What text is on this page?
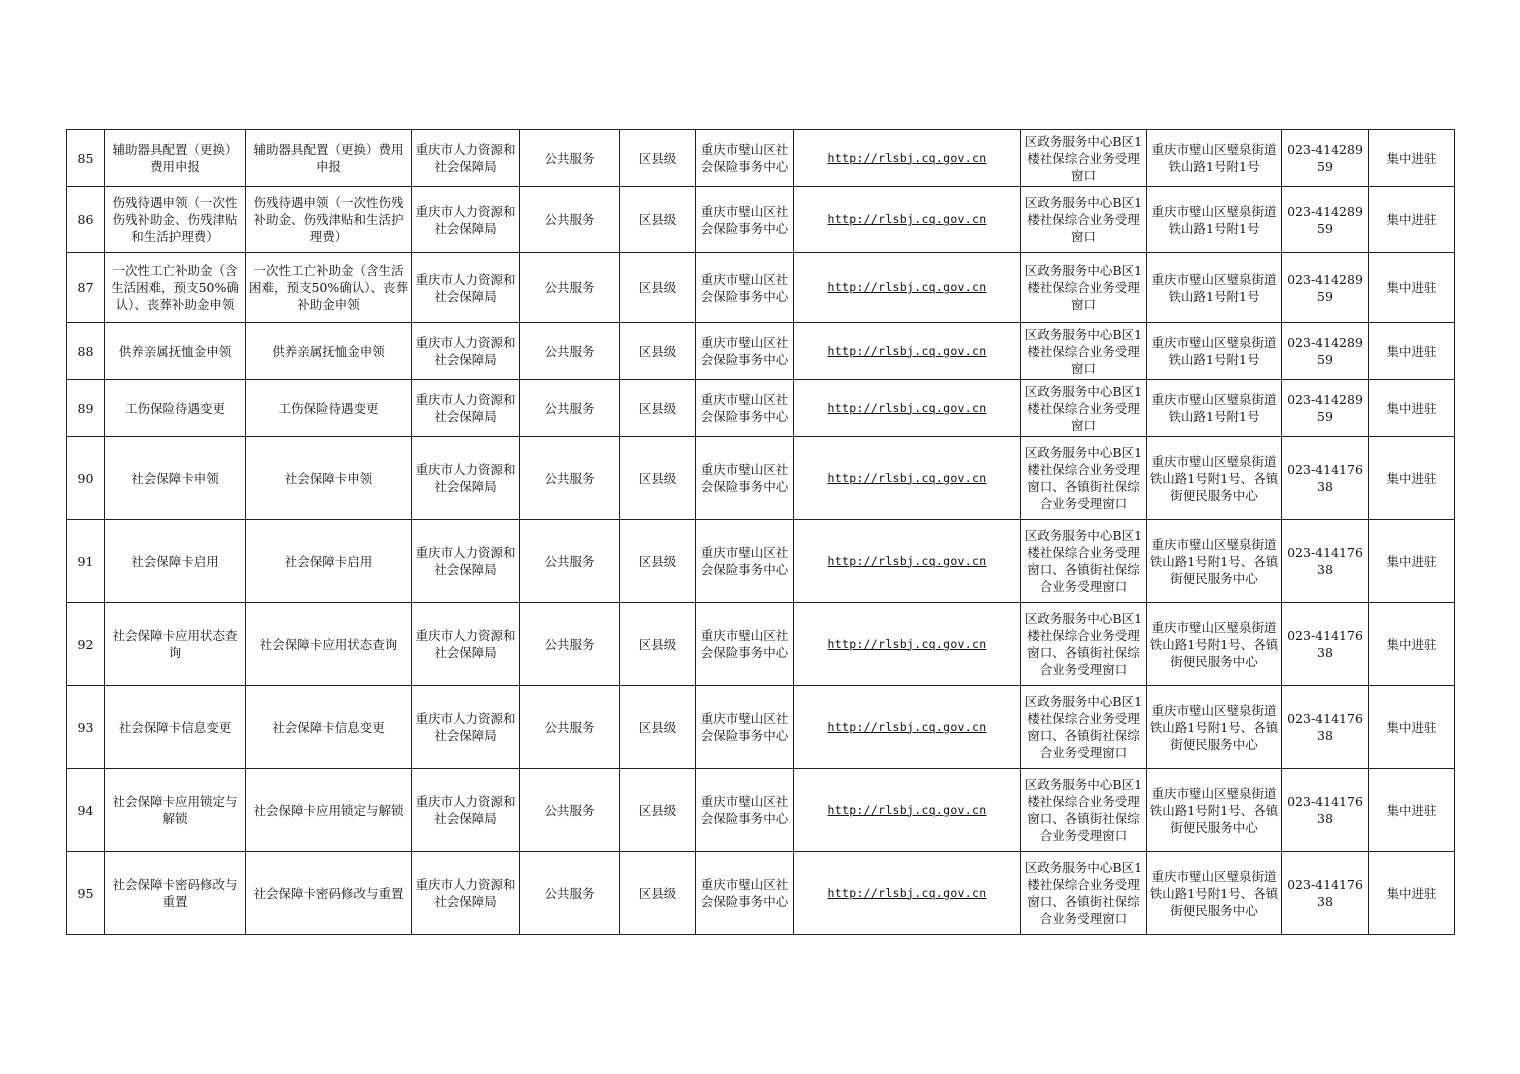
85	辅助器具配置（更换）费用申报	辅助器具配置（更换）费用申报	重庆市人力资源和社会保障局	公共服务	区县级	重庆市璧山区社会保险事务中心	http://rlsbj.cq.gov.cn	区政务服务中心B区1楼社保综合业务受理窗口	重庆市璧山区璧泉街道铁山路1号附1号	023-41428959	集中进驻
86	伤残待遇申领（一次性伤残补助金、伤残津贴和生活护理费）	伤残待遇申领（一次性伤残补助金、伤残津贴和生活护理费）	重庆市人力资源和社会保障局	公共服务	区县级	重庆市璧山区社会保险事务中心	http://rlsbj.cq.gov.cn	区政务服务中心B区1楼社保综合业务受理窗口	重庆市璧山区璧泉街道铁山路1号附1号	023-41428959	集中进驻
87	一次性工亡补助金（含生活困难，预支50%确认）、丧葬补助金申领	一次性工亡补助金（含生活困难，预支50%确认）、丧葬补助金申领	重庆市人力资源和社会保障局	公共服务	区县级	重庆市璧山区社会保险事务中心	http://rlsbj.cq.gov.cn	区政务服务中心B区1楼社保综合业务受理窗口	重庆市璧山区璧泉街道铁山路1号附1号	023-41428959	集中进驻
88	供养亲属抚恤金申领	供养亲属抚恤金申领	重庆市人力资源和社会保障局	公共服务	区县级	重庆市璧山区社会保险事务中心	http://rlsbj.cq.gov.cn	区政务服务中心B区1楼社保综合业务受理窗口	重庆市璧山区璧泉街道铁山路1号附1号	023-41428959	集中进驻
89	工伤保险待遇变更	工伤保险待遇变更	重庆市人力资源和社会保障局	公共服务	区县级	重庆市璧山区社会保险事务中心	http://rlsbj.cq.gov.cn	区政务服务中心B区1楼社保综合业务受理窗口	重庆市璧山区璧泉街道铁山路1号附1号	023-41428959	集中进驻
90	社会保障卡申领	社会保障卡申领	重庆市人力资源和社会保障局	公共服务	区县级	重庆市璧山区社会保险事务中心	http://rlsbj.cq.gov.cn	区政务服务中心B区1楼社保综合业务受理窗口、各镇街社保综合业务受理窗口	重庆市璧山区璧泉街道铁山路1号附1号、各镇街便民服务中心	023-41417638	集中进驻
91	社会保障卡启用	社会保障卡启用	重庆市人力资源和社会保障局	公共服务	区县级	重庆市璧山区社会保险事务中心	http://rlsbj.cq.gov.cn	区政务服务中心B区1楼社保综合业务受理窗口、各镇街社保综合业务受理窗口	重庆市璧山区璧泉街道铁山路1号附1号、各镇街便民服务中心	023-41417638	集中进驻
92	社会保障卡应用状态查询	社会保障卡应用状态查询	重庆市人力资源和社会保障局	公共服务	区县级	重庆市璧山区社会保险事务中心	http://rlsbj.cq.gov.cn	区政务服务中心B区1楼社保综合业务受理窗口、各镇街社保综合业务受理窗口	重庆市璧山区璧泉街道铁山路1号附1号、各镇街便民服务中心	023-41417638	集中进驻
93	社会保障卡信息变更	社会保障卡信息变更	重庆市人力资源和社会保障局	公共服务	区县级	重庆市璧山区社会保险事务中心	http://rlsbj.cq.gov.cn	区政务服务中心B区1楼社保综合业务受理窗口、各镇街社保综合业务受理窗口	重庆市璧山区璧泉街道铁山路1号附1号、各镇街便民服务中心	023-41417638	集中进驻
94	社会保障卡应用锁定与解锁	社会保障卡应用锁定与解锁	重庆市人力资源和社会保障局	公共服务	区县级	重庆市璧山区社会保险事务中心	http://rlsbj.cq.gov.cn	区政务服务中心B区1楼社保综合业务受理窗口、各镇街社保综合业务受理窗口	重庆市璧山区璧泉街道铁山路1号附1号、各镇街便民服务中心	023-41417638	集中进驻
95	社会保障卡密码修改与重置	社会保障卡密码修改与重置	重庆市人力资源和社会保障局	公共服务	区县级	重庆市璧山区社会保险事务中心	http://rlsbj.cq.gov.cn	区政务服务中心B区1楼社保综合业务受理窗口、各镇街社保综合业务受理窗口	重庆市璧山区璧泉街道铁山路1号附1号、各镇街便民服务中心	023-41417638	集中进驻
